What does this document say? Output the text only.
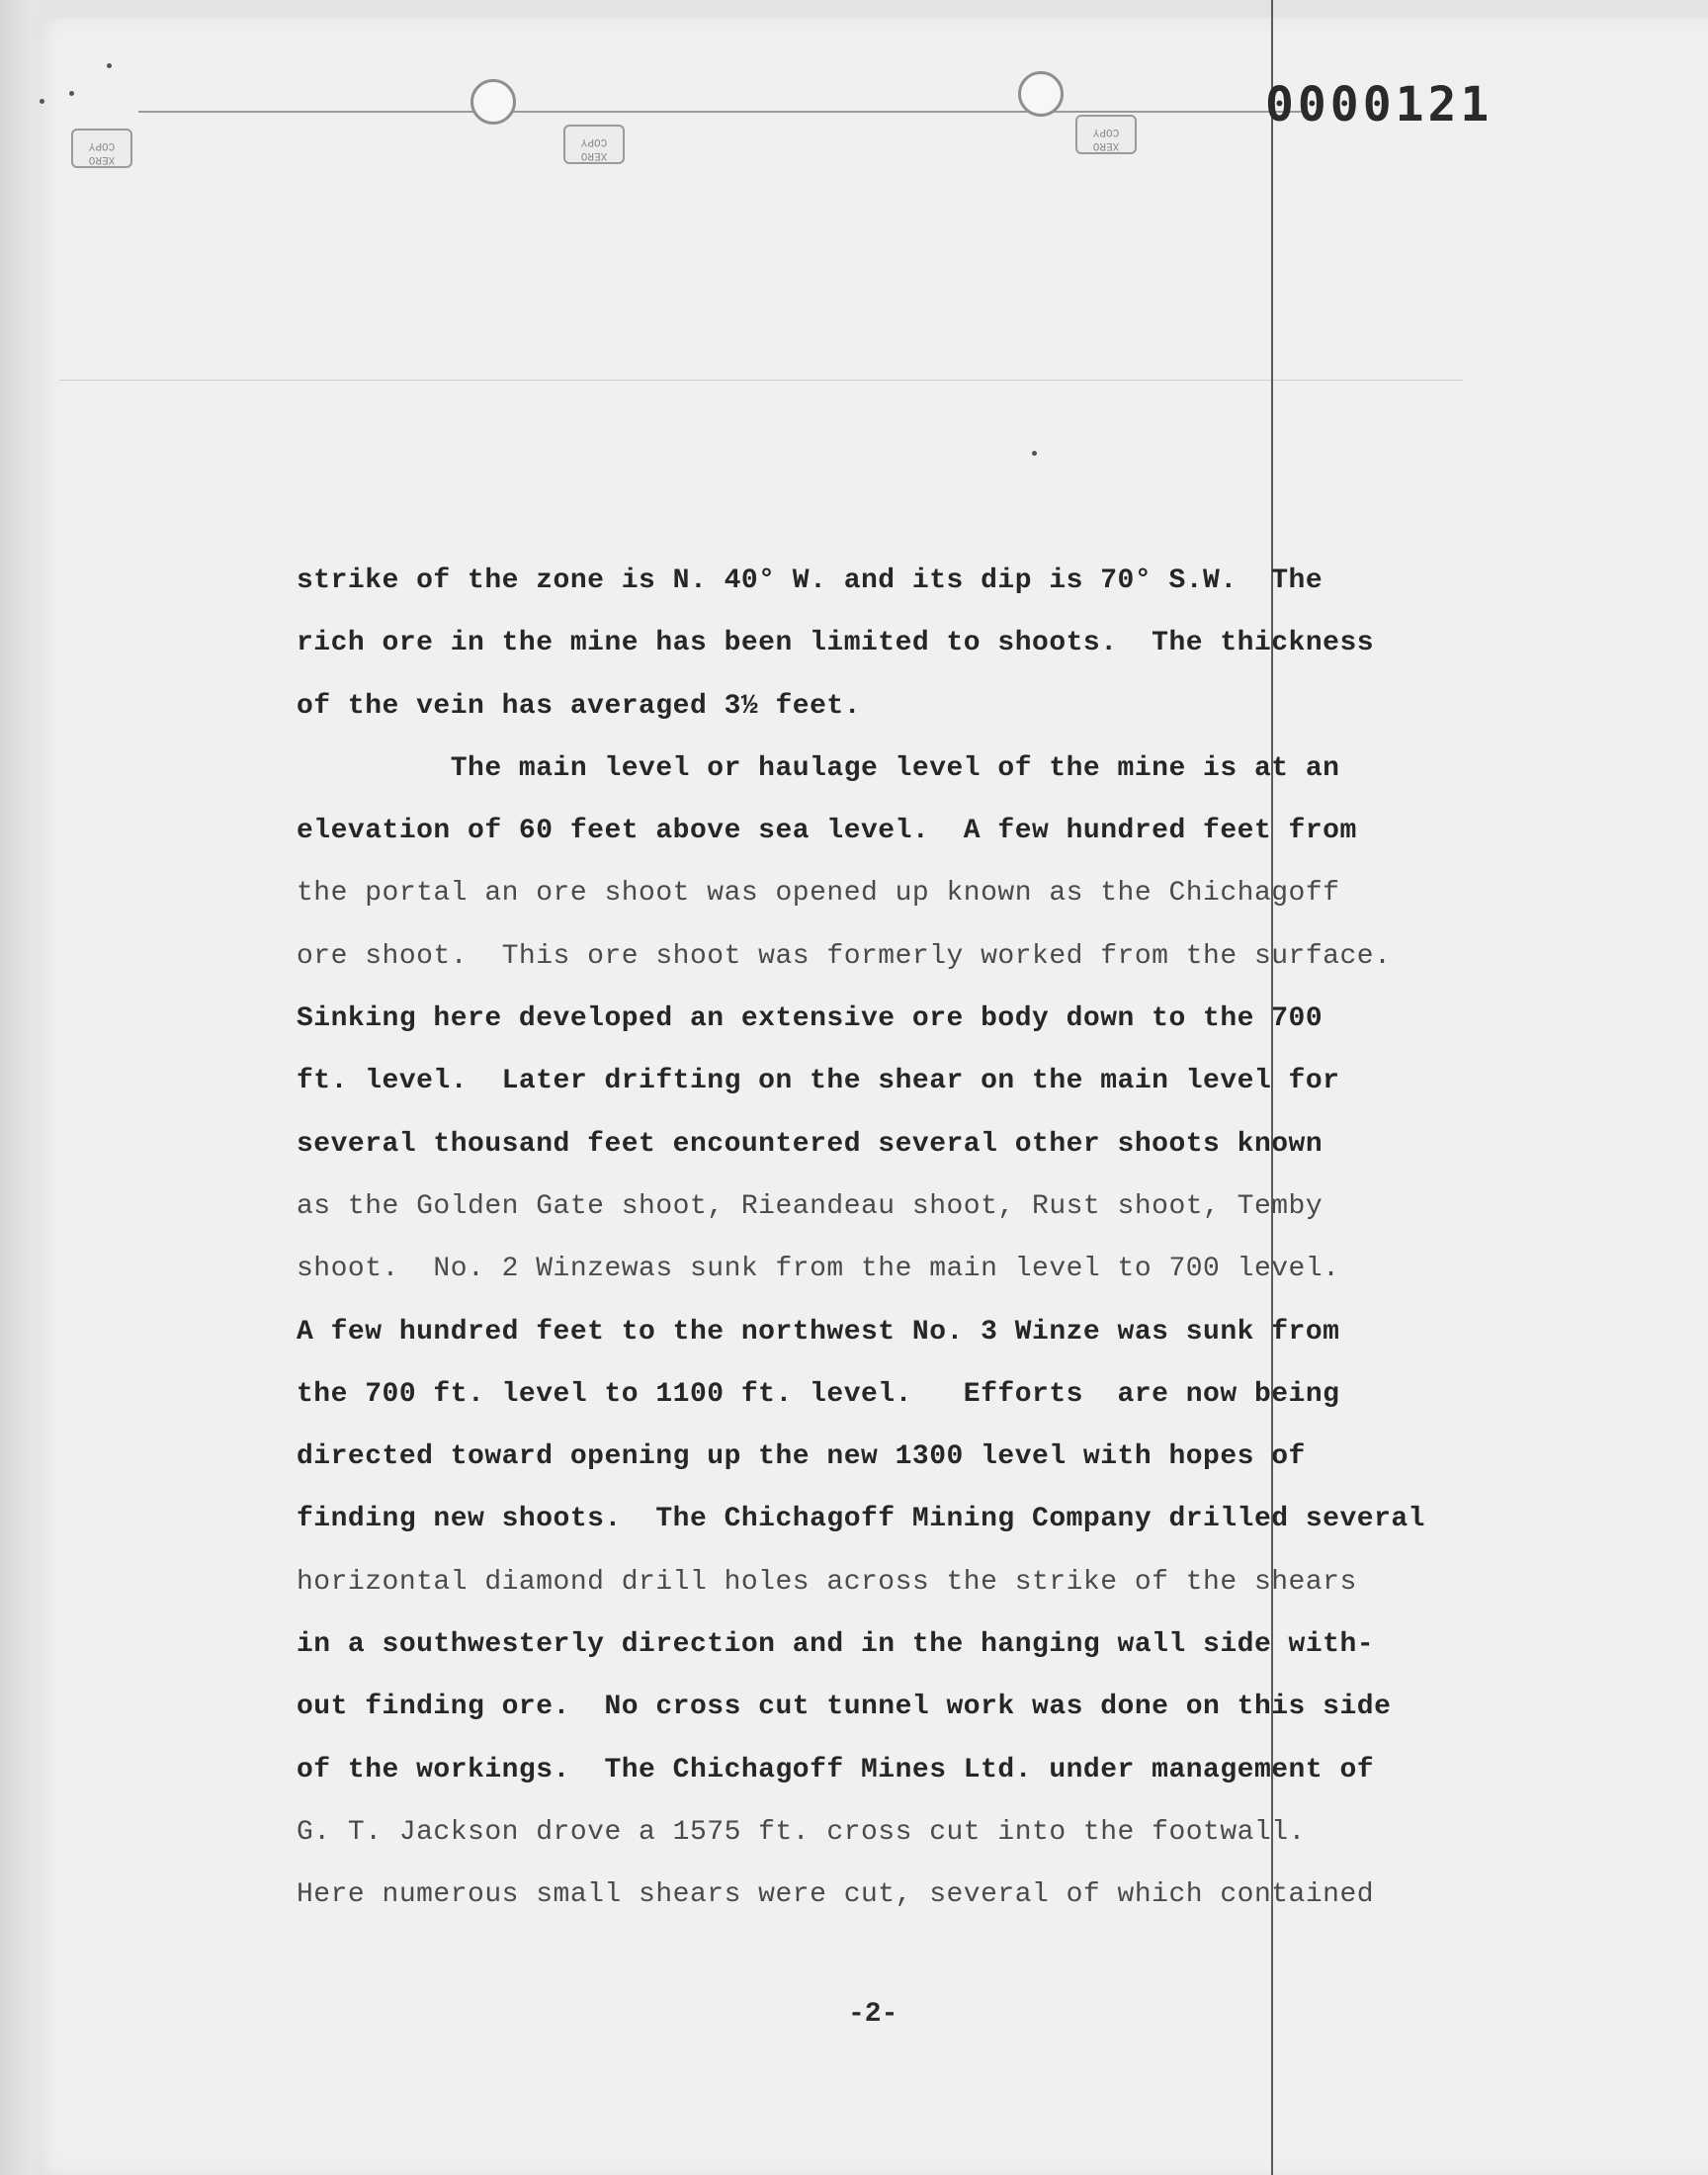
XERO COPY
XERO COPY	XERO COPY	0000121
strike of the zone is N. 40° W. and its dip is 70° S.W.  The
rich ore in the mine has been limited to shoots.  The thickness
of the vein has averaged 3½ feet.
The main level or haulage level of the mine is at an
elevation of 60 feet above sea level.  A few hundred feet from
the portal an ore shoot was opened up known as the Chichagoff
ore shoot.  This ore shoot was formerly worked from the surface.
Sinking here developed an extensive ore body down to the 700
ft. level.  Later drifting on the shear on the main level for
several thousand feet encountered several other shoots known
as the Golden Gate shoot, Rieandeau shoot, Rust shoot, Temby
shoot.  No. 2 Winzewas sunk from the main level to 700 level.
A few hundred feet to the northwest No. 3 Winze was sunk from
the 700 ft. level to 1100 ft. level.   Efforts  are now being
directed toward opening up the new 1300 level with hopes of
finding new shoots.  The Chichagoff Mining Company drilled several
horizontal diamond drill holes across the strike of the shears
in a southwesterly direction and in the hanging wall side with-
out finding ore.  No cross cut tunnel work was done on this side
of the workings.  The Chichagoff Mines Ltd. under management of
G. T. Jackson drove a 1575 ft. cross cut into the footwall.
Here numerous small shears were cut, several of which contained
-2-
